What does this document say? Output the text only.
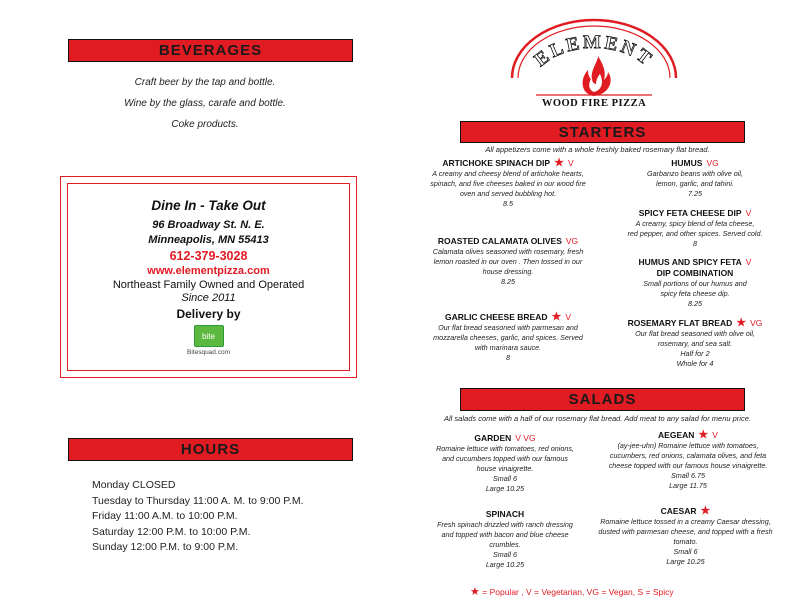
BEVERAGES
Craft beer by the tap and bottle.
Wine by the glass, carafe and bottle.
Coke products.
Dine In - Take Out
96 Broadway St. N. E.
Minneapolis, MN 55413
612-379-3028
www.elementpizza.com
Northeast Family Owned and Operated
Since 2011
Delivery by
bite
Bitesquad.com
HOURS
Monday CLOSED
Tuesday to Thursday 11:00 A. M. to 9:00 P.M.
Friday 11:00 A.M. to 10:00 P.M.
Saturday 12:00 P.M. to 10:00 P.M.
Sunday 12:00 P.M. to 9:00 P.M.
ELEMENT
WOOD FIRE PIZZA
STARTERS
All appetizers come with a whole freshly baked rosemary flat bread.
ARTICHOKE SPINACH DIP ★ V
A creamy and cheesy blend of artichoke hearts,
spinach, and five cheeses baked in our wood fire
oven and served bubbling hot.
8.5
ROASTED CALAMATA OLIVES VG
Calamata olives seasoned with rosemary, fresh
lemon roasted in our oven . Then tossed in our
house dressing.
8.25
GARLIC CHEESE BREAD ★ V
Our flat bread seasoned with parmesan and
mozzarella cheeses, garlic, and spices. Served
with marinara sauce.
8
HUMUS VG
Garbanzo beans with olive oil,
lemon, garlic, and tahini.
7.25
SPICY FETA CHEESE DIP V
A creamy, spicy blend of feta cheese,
red pepper, and other spices. Served cold.
8
HUMUS AND SPICY FETA V
DIP COMBINATION
Small portions of our humus and
spicy feta cheese dip.
8.25
ROSEMARY FLAT BREAD ★ VG
Our flat bread seasoned with olive oil,
rosemary, and sea salt.
Half for 2
Whole for 4
SALADS
All salads come with a half of our rosemary flat bread. Add meat to any salad for menu price.
GARDEN V VG
Romaine lettuce with tomatoes, red onions,
and cucumbers topped with our famous
house vinaigrette.
Small 6
Large 10.25
SPINACH
Fresh spinach drizzled with ranch dressing
and topped with bacon and blue cheese
crumbles.
Small 6
Large 10.25
AEGEAN ★ V
(ay-jee-uhn) Romaine lettuce with tomatoes,
cucumbers, red onions, calamata olives, and feta
cheese topped with our famous house vinaigrette.
Small 6.75
Large 11.75
CAESAR ★
Romaine lettuce tossed in a creamy Caesar dressing,
dusted with parmesan cheese, and topped with a fresh
tomato.
Small 6
Large 10.25
★ = Popular , V = Vegetarian, VG = Vegan, S = Spicy
